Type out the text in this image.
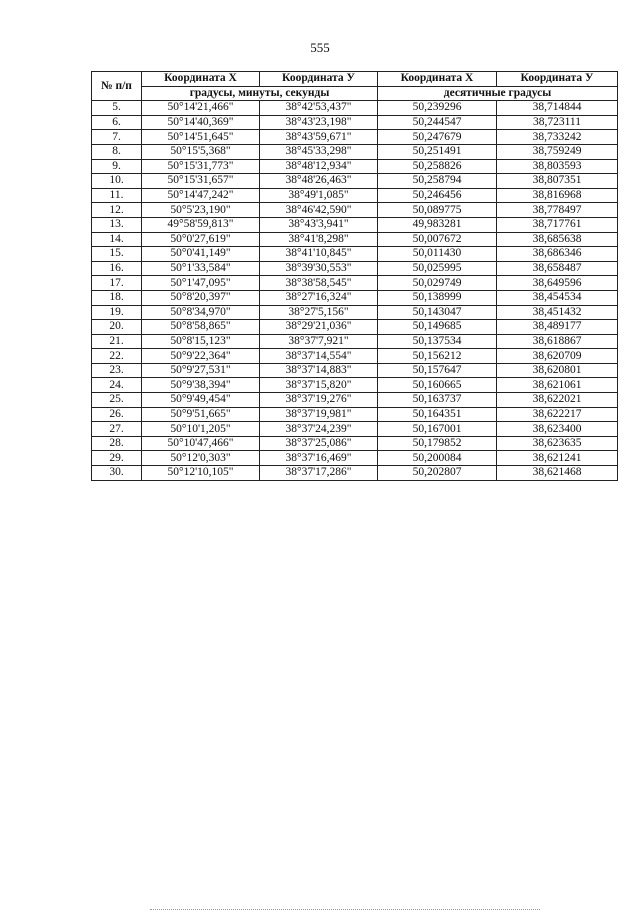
555
№ п/п	Координата Х	Координата У	Координата Х	Координата У
	градусы, минуты, секунды		десятичные градусы	
5.	50°14'21,466"	38°42'53,437"	50,239296	38,714844
6.	50°14'40,369"	38°43'23,198"	50,244547	38,723111
7.	50°14'51,645"	38°43'59,671"	50,247679	38,733242
8.	50°15'5,368"	38°45'33,298"	50,251491	38,759249
9.	50°15'31,773"	38°48'12,934"	50,258826	38,803593
10.	50°15'31,657"	38°48'26,463"	50,258794	38,807351
11.	50°14'47,242"	38°49'1,085"	50,246456	38,816968
12.	50°5'23,190"	38°46'42,590"	50,089775	38,778497
13.	49°58'59,813"	38°43'3,941"	49,983281	38,717761
14.	50°0'27,619"	38°41'8,298"	50,007672	38,685638
15.	50°0'41,149"	38°41'10,845"	50,011430	38,686346
16.	50°1'33,584"	38°39'30,553"	50,025995	38,658487
17.	50°1'47,095"	38°38'58,545"	50,029749	38,649596
18.	50°8'20,397"	38°27'16,324"	50,138999	38,454534
19.	50°8'34,970"	38°27'5,156"	50,143047	38,451432
20.	50°8'58,865"	38°29'21,036"	50,149685	38,489177
21.	50°8'15,123"	38°37'7,921"	50,137534	38,618867
22.	50°9'22,364"	38°37'14,554"	50,156212	38,620709
23.	50°9'27,531"	38°37'14,883"	50,157647	38,620801
24.	50°9'38,394"	38°37'15,820"	50,160665	38,621061
25.	50°9'49,454"	38°37'19,276"	50,163737	38,622021
26.	50°9'51,665"	38°37'19,981"	50,164351	38,622217
27.	50°10'1,205"	38°37'24,239"	50,167001	38,623400
28.	50°10'47,466"	38°37'25,086"	50,179852	38,623635
29.	50°12'0,303"	38°37'16,469"	50,200084	38,621241
30.	50°12'10,105"	38°37'17,286"	50,202807	38,621468
